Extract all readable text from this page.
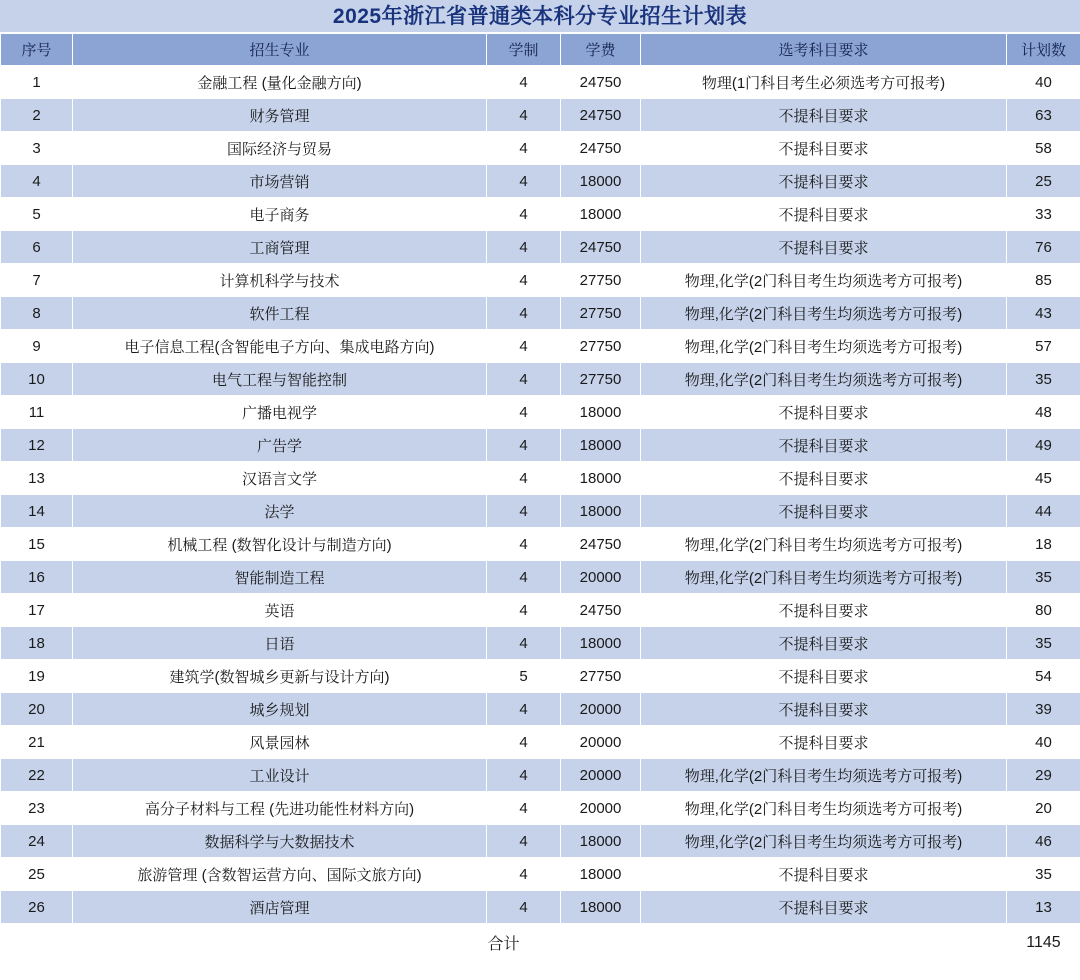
2025年浙江省普通类本科分专业招生计划表
序号	招生专业	学制	学费	选考科目要求	计划数
1	金融工程 (量化金融方向)	4	24750	物理(1门科目考生必须选考方可报考)	40
2	财务管理	4	24750	不提科目要求	63
3	国际经济与贸易	4	24750	不提科目要求	58
4	市场营销	4	18000	不提科目要求	25
5	电子商务	4	18000	不提科目要求	33
6	工商管理	4	24750	不提科目要求	76
7	计算机科学与技术	4	27750	物理,化学(2门科目考生均须选考方可报考)	85
8	软件工程	4	27750	物理,化学(2门科目考生均须选考方可报考)	43
9	电子信息工程(含智能电子方向、集成电路方向)	4	27750	物理,化学(2门科目考生均须选考方可报考)	57
10	电气工程与智能控制	4	27750	物理,化学(2门科目考生均须选考方可报考)	35
11	广播电视学	4	18000	不提科目要求	48
12	广告学	4	18000	不提科目要求	49
13	汉语言文学	4	18000	不提科目要求	45
14	法学	4	18000	不提科目要求	44
15	机械工程 (数智化设计与制造方向)	4	24750	物理,化学(2门科目考生均须选考方可报考)	18
16	智能制造工程	4	20000	物理,化学(2门科目考生均须选考方可报考)	35
17	英语	4	24750	不提科目要求	80
18	日语	4	18000	不提科目要求	35
19	建筑学(数智城乡更新与设计方向)	5	27750	不提科目要求	54
20	城乡规划	4	20000	不提科目要求	39
21	风景园林	4	20000	不提科目要求	40
22	工业设计	4	20000	物理,化学(2门科目考生均须选考方可报考)	29
23	高分子材料与工程 (先进功能性材料方向)	4	20000	物理,化学(2门科目考生均须选考方可报考)	20
24	数据科学与大数据技术	4	18000	物理,化学(2门科目考生均须选考方可报考)	46
25	旅游管理 (含数智运营方向、国际文旅方向)	4	18000	不提科目要求	35
26	酒店管理	4	18000	不提科目要求	13
合计					1145
